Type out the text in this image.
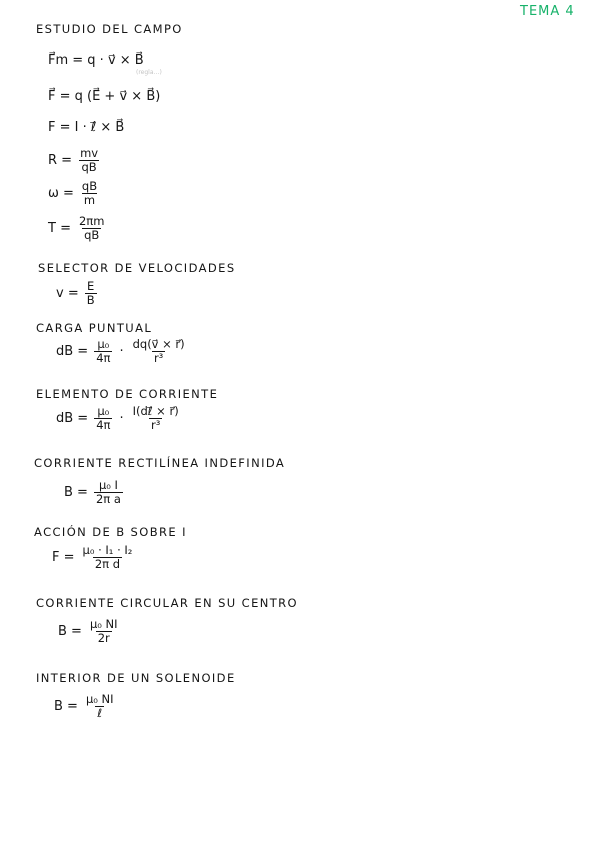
TEMA 4
ESTUDIO DEL CAMPO
F⃗m = q · v⃗ × B⃗
(regla…)
F⃗ = q (E⃗ + v⃗ × B⃗)
F = I · ℓ⃗ × B⃗
$R = \frac{mv}{qB}$
$\omega = \frac{qB}{m}$
$T = \frac{2\pi m}{qB}$
SELECTOR DE VELOCIDADES
$v = \frac{E}{B}$
CARGA PUNTUAL
dB = $\frac{\text{μ₀}}{4\pi} \cdot \frac{dq(v⃗ \times r⃗)}{\text{r³}}$
ELEMENTO DE CORRIENTE
dB = $\frac{\text{μ₀}}{4\pi} \cdot \frac{\text{I(dℓ⃗ × r⃗)}}{\text{r³}}$
CORRIENTE RECTILÍNEA INDEFINIDA
$B = \frac{\text{μ₀ I}}{\text{2π a}}$
ACCIÓN DE B SOBRE I
$F = \frac{\text{μ₀ · I₁ · I₂}}{\text{2π d}}$
CORRIENTE CIRCULAR EN SU CENTRO
$B = \frac{\text{μ₀ NI}}{2r}$
INTERIOR DE UN SOLENOIDE
$B = \frac{\text{μ₀ NI}}{\text{ℓ}}$
